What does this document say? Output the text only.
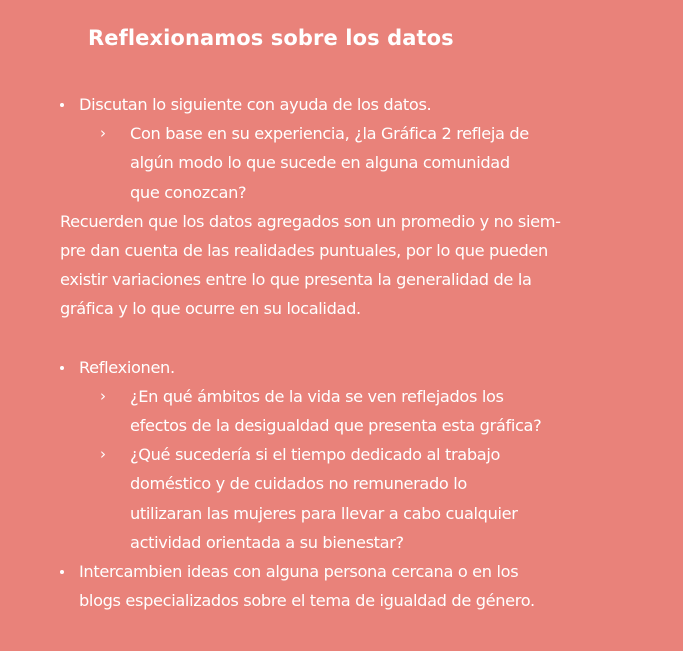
Reflexionamos sobre los datos
Discutan lo siguiente con ayuda de los datos.
› Con base en su experiencia, ¿la Gráfica 2 refleja de
algún modo lo que sucede en alguna comunidad
que conozcan?
Recuerden que los datos agregados son un promedio y no siem-
pre dan cuenta de las realidades puntuales, por lo que pueden
existir variaciones entre lo que presenta la generalidad de la
gráfica y lo que ocurre en su localidad.
Reflexionen.
› ¿En qué ámbitos de la vida se ven reflejados los
efectos de la desigualdad que presenta esta gráfica?
› ¿Qué sucedería si el tiempo dedicado al trabajo
doméstico y de cuidados no remunerado lo
utilizaran las mujeres para llevar a cabo cualquier
actividad orientada a su bienestar?
Intercambien ideas con alguna persona cercana o en los
blogs especializados sobre el tema de igualdad de género.
